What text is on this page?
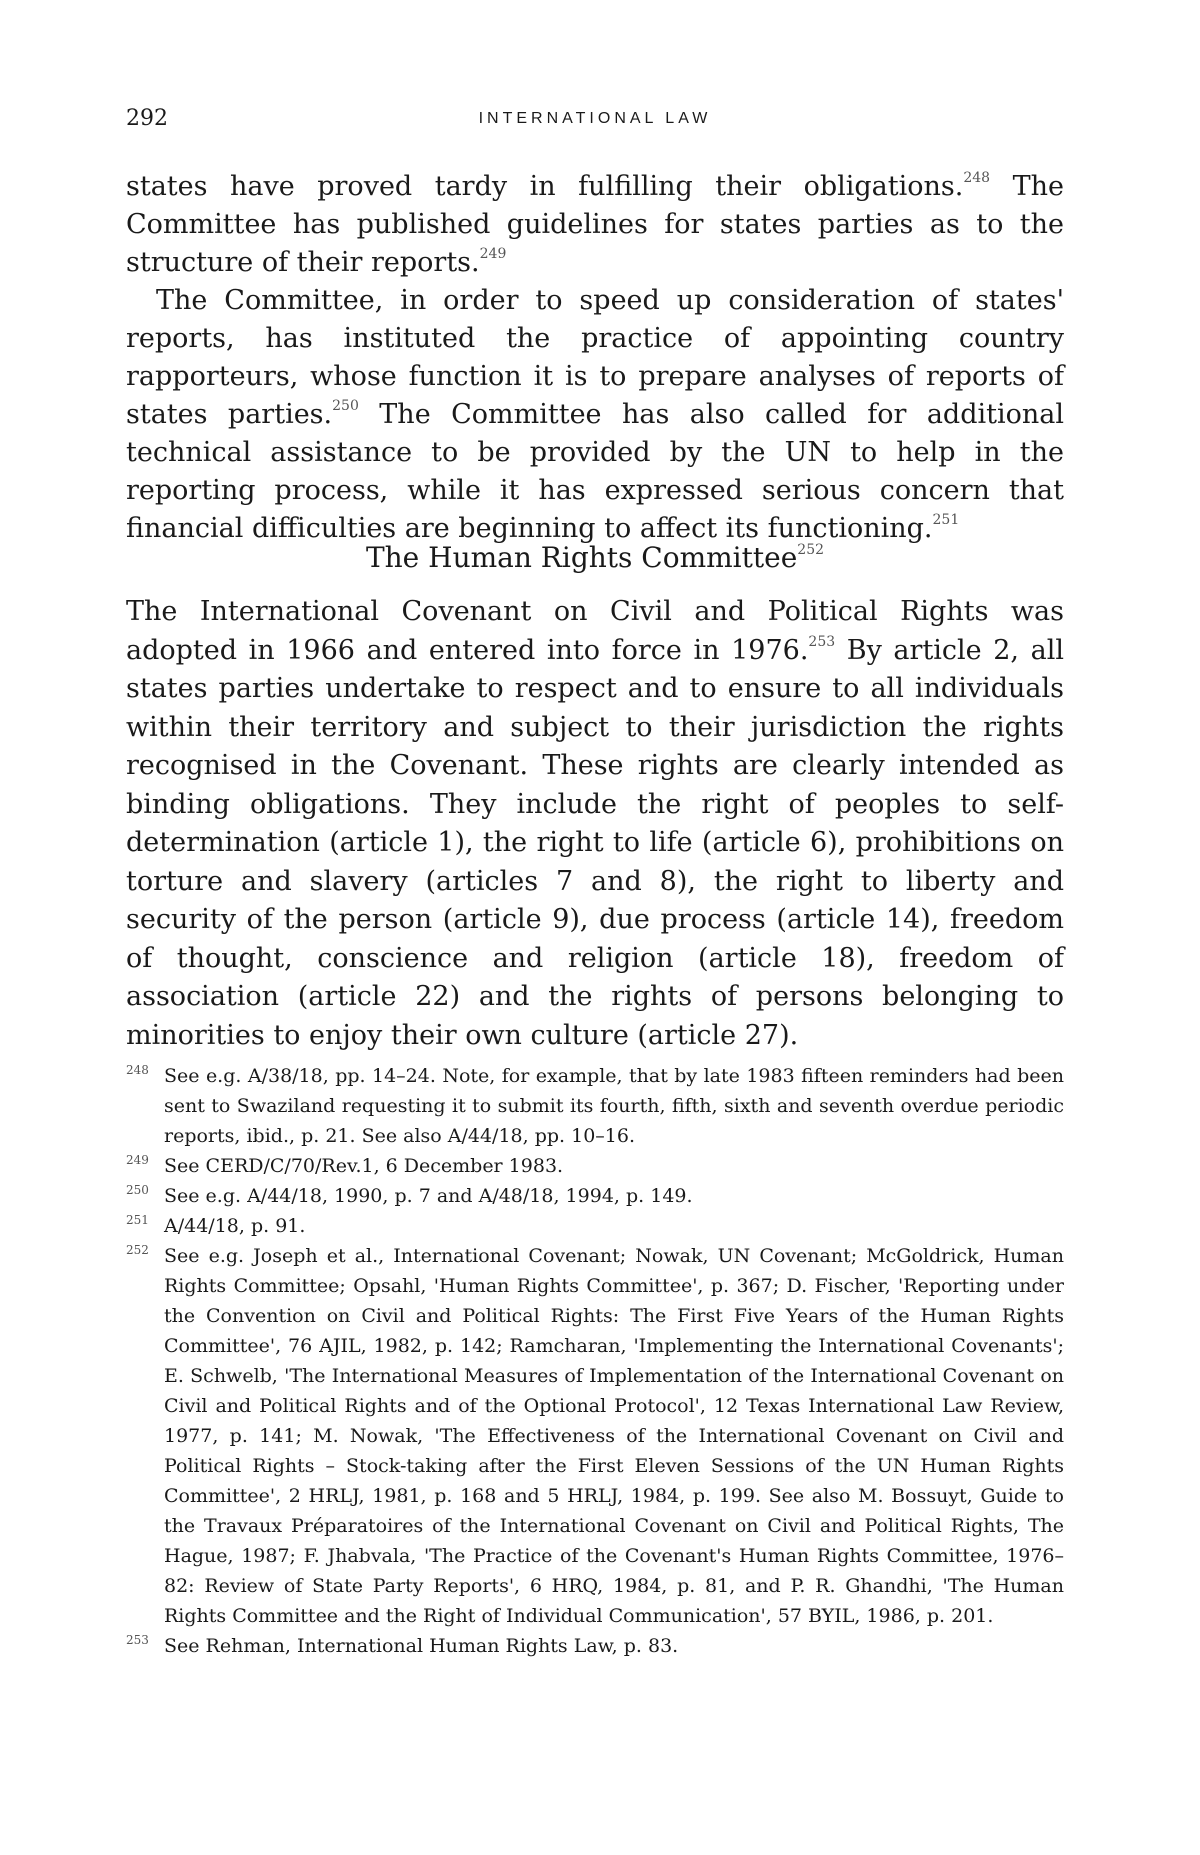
292	INTERNATIONAL LAW

states have proved tardy in fulfilling their obligations.$^{248}$ The Committee has published guidelines for states parties as to the structure of their reports.$^{249}$

The Committee, in order to speed up consideration of states' reports, has instituted the practice of appointing country rapporteurs, whose function it is to prepare analyses of reports of states parties.$^{250}$ The Committee has also called for additional technical assistance to be provided by the UN to help in the reporting process, while it has expressed serious concern that financial difficulties are beginning to affect its functioning.$^{251}$

The Human Rights Committee$^{252}$

The International Covenant on Civil and Political Rights was adopted in 1966 and entered into force in 1976.$^{253}$ By article 2, all states parties undertake to respect and to ensure to all individuals within their territory and subject to their jurisdiction the rights recognised in the Covenant. These rights are clearly intended as binding obligations. They include the right of peoples to self-determination (article 1), the right to life (article 6), prohibitions on torture and slavery (articles 7 and 8), the right to liberty and security of the person (article 9), due process (article 14), freedom of thought, conscience and religion (article 18), freedom of association (article 22) and the rights of persons belonging to minorities to enjoy their own culture (article 27).

248 See e.g. A/38/18, pp. 14–24. Note, for example, that by late 1983 fifteen reminders had been sent to Swaziland requesting it to submit its fourth, fifth, sixth and seventh overdue periodic reports, ibid., p. 21. See also A/44/18, pp. 10–16.
249 See CERD/C/70/Rev.1, 6 December 1983.
250 See e.g. A/44/18, 1990, p. 7 and A/48/18, 1994, p. 149.
251 A/44/18, p. 91.
252 See e.g. Joseph et al., International Covenant; Nowak, UN Covenant; McGoldrick, Human Rights Committee; Opsahl, 'Human Rights Committee', p. 367; D. Fischer, 'Reporting under the Convention on Civil and Political Rights: The First Five Years of the Human Rights Committee', 76 AJIL, 1982, p. 142; Ramcharan, 'Implementing the International Covenants'; E. Schwelb, 'The International Measures of Implementation of the International Covenant on Civil and Political Rights and of the Optional Protocol', 12 Texas International Law Review, 1977, p. 141; M. Nowak, 'The Effectiveness of the International Covenant on Civil and Political Rights – Stock-taking after the First Eleven Sessions of the UN Human Rights Committee', 2 HRLJ, 1981, p. 168 and 5 HRLJ, 1984, p. 199. See also M. Bossuyt, Guide to the Travaux Préparatoires of the International Covenant on Civil and Political Rights, The Hague, 1987; F. Jhabvala, 'The Practice of the Covenant's Human Rights Committee, 1976–82: Review of State Party Reports', 6 HRQ, 1984, p. 81, and P. R. Ghandhi, 'The Human Rights Committee and the Right of Individual Communication', 57 BYIL, 1986, p. 201.
253 See Rehman, International Human Rights Law, p. 83.
